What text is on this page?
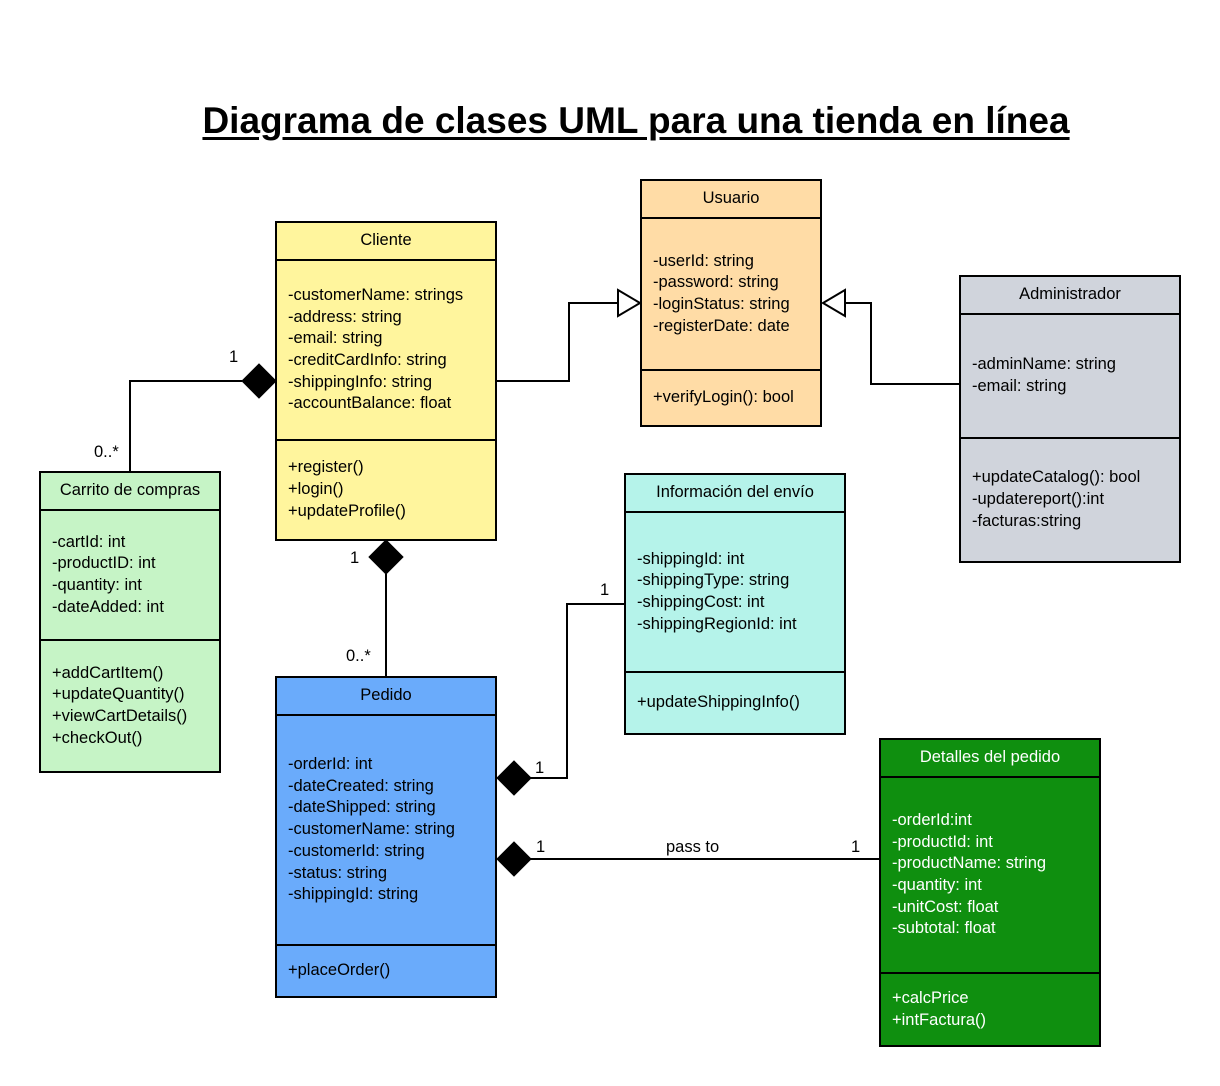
Diagrama de clases UML para una tienda en línea
1
0..*
1
0..*
1
1
1	1
pass to
Cliente
-customerName: strings
-address: string
-email: string
-creditCardInfo: string
-shippingInfo: string
-accountBalance: float
+register()
+login()
+updateProfile()
Usuario
-userId: string
-password: string
-loginStatus: string
-registerDate: date
+verifyLogin(): bool
Administrador
-adminName: string
-email: string
+updateCatalog(): bool
-updatereport():int
-facturas:string
Carrito de compras
-cartId: int
-productID: int
-quantity: int
-dateAdded: int
+addCartItem()
+updateQuantity()
+viewCartDetails()
+checkOut()
Información del envío
-shippingId: int
-shippingType: string
-shippingCost: int
-shippingRegionId: int
+updateShippingInfo()
Pedido
-orderId: int
-dateCreated: string
-dateShipped: string
-customerName: string
-customerId: string
-status: string
-shippingId: string
+placeOrder()
Detalles del pedido
-orderId:int
-productId: int
-productName: string
-quantity: int
-unitCost: float
-subtotal: float
+calcPrice
+intFactura()
